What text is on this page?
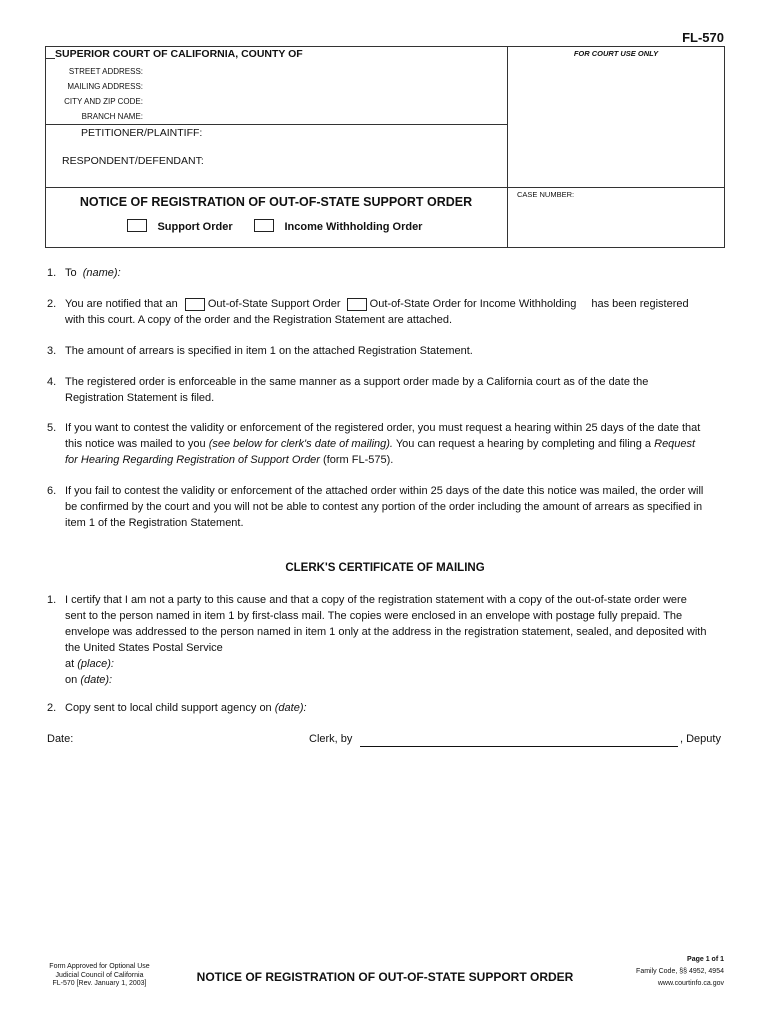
FL-570
SUPERIOR COURT OF CALIFORNIA, COUNTY OF
STREET ADDRESS:
MAILING ADDRESS:
CITY AND ZIP CODE:
BRANCH NAME:
PETITIONER/PLAINTIFF:
RESPONDENT/DEFENDANT:
FOR COURT USE ONLY
CASE NUMBER:
NOTICE OF REGISTRATION OF OUT-OF-STATE SUPPORT ORDER
Support Order	Income Withholding Order
1. To (name):
2. You are notified that an	Out-of-State Support Order	Out-of-State Order for Income Withholding has been registered
with this court. A copy of the order and the Registration Statement are attached.
3. The amount of arrears is specified in item 1 on the attached Registration Statement.
4. The registered order is enforceable in the same manner as a support order made by a California court as of the date the
Registration Statement is filed.
5. If you want to contest the validity or enforcement of the registered order, you must request a hearing within 25 days of the date that
this notice was mailed to you (see below for clerk's date of mailing). You can request a hearing by completing and filing a Request
for Hearing Regarding Registration of Support Order (form FL-575).
6. If you fail to contest the validity or enforcement of the attached order within 25 days of the date this notice was mailed, the order will
be confirmed by the court and you will not be able to contest any portion of the order including the amount of arrears as specified in
item 1 of the Registration Statement.
CLERK'S CERTIFICATE OF MAILING
1. I certify that I am not a party to this cause and that a copy of the registration statement with a copy of the out-of-state order were
sent to the person named in item 1 by first-class mail. The copies were enclosed in an envelope with postage fully prepaid. The
envelope was addressed to the person named in item 1 only at the address in the registration statement, sealed, and deposited with
the United States Postal Service
at (place):
on (date):
2. Copy sent to local child support agency on (date):
Date:	Clerk, by	, Deputy
Form Approved for Optional Use
Judicial Council of California
FL-570 [Rev. January 1, 2003]	NOTICE OF REGISTRATION OF OUT-OF-STATE SUPPORT ORDER
Page 1 of 1
Family Code, §§ 4952, 4954
www.courtinfo.ca.gov
